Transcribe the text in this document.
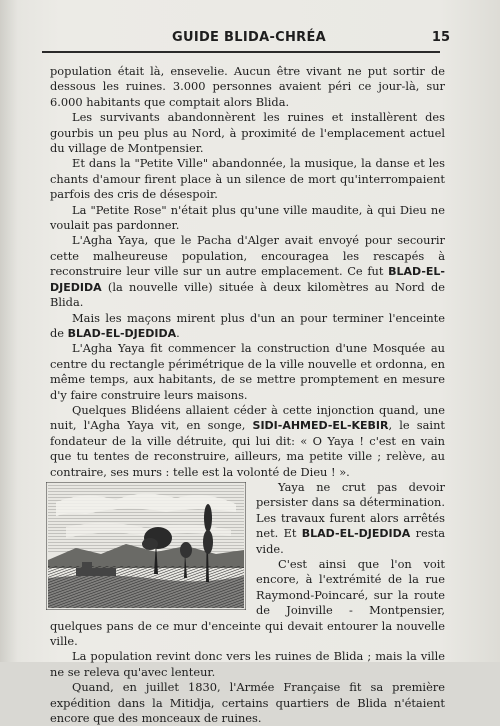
GUIDE BLIDA-CHRÉA	15

population était là, ensevelie. Aucun être vivant ne put sortir de dessous les ruines. 3.000 personnes avaient péri ce jour-là, sur 6.000 habitants que comptait alors Blida.

Les survivants abandonnèrent les ruines et installèrent des gourbis un peu plus au Nord, à proximité de l'emplacement actuel du village de Montpensier.

Et dans la "Petite Ville" abandonnée, la musique, la danse et les chants d'amour firent place à un silence de mort qu'interrompaient parfois des cris de désespoir.

La "Petite Rose" n'était plus qu'une ville maudite, à qui Dieu ne voulait pas pardonner.

L'Agha Yaya, que le Pacha d'Alger avait envoyé pour secourir cette malheureuse population, encouragea les rescapés à reconstruire leur ville sur un autre emplacement. Ce fut BLAD-EL-DJEDIDA (la nouvelle ville) située à deux kilomètres au Nord de Blida.

Mais les maçons mirent plus d'un an pour terminer l'enceinte de BLAD-EL-DJEDIDA.

L'Agha Yaya fit commencer la construction d'une Mosquée au centre du rectangle périmétrique de la ville nouvelle et ordonna, en même temps, aux habitants, de se mettre promptement en mesure d'y faire construire leurs maisons.

Quelques Blidéens allaient céder à cette injonction quand, une nuit, l'Agha Yaya vit, en songe, SIDI-AHMED-EL-KEBIR, le saint fondateur de la ville détruite, qui lui dit: « O Yaya ! c'est en vain que tu tentes de reconstruire, ailleurs, ma petite ville ; relève, au contraire, ses murs : telle est la volonté de Dieu ! ».

Yaya ne crut pas devoir persister dans sa détermination. Les travaux furent alors arrêtés net. Et BLAD-EL-DJEDIDA resta vide.

C'est ainsi que l'on voit encore, à l'extrémité de la rue Raymond-Poincaré, sur la route de Joinville - Montpensier, quelques pans de ce mur d'enceinte qui devait entourer la nouvelle ville.

La population revint donc vers les ruines de Blida ; mais la ville ne se releva qu'avec lenteur.

Quand, en juillet 1830, l'Armée Française fit sa première expédition dans la Mitidja, certains quartiers de Blida n'étaient encore que des monceaux de ruines.
